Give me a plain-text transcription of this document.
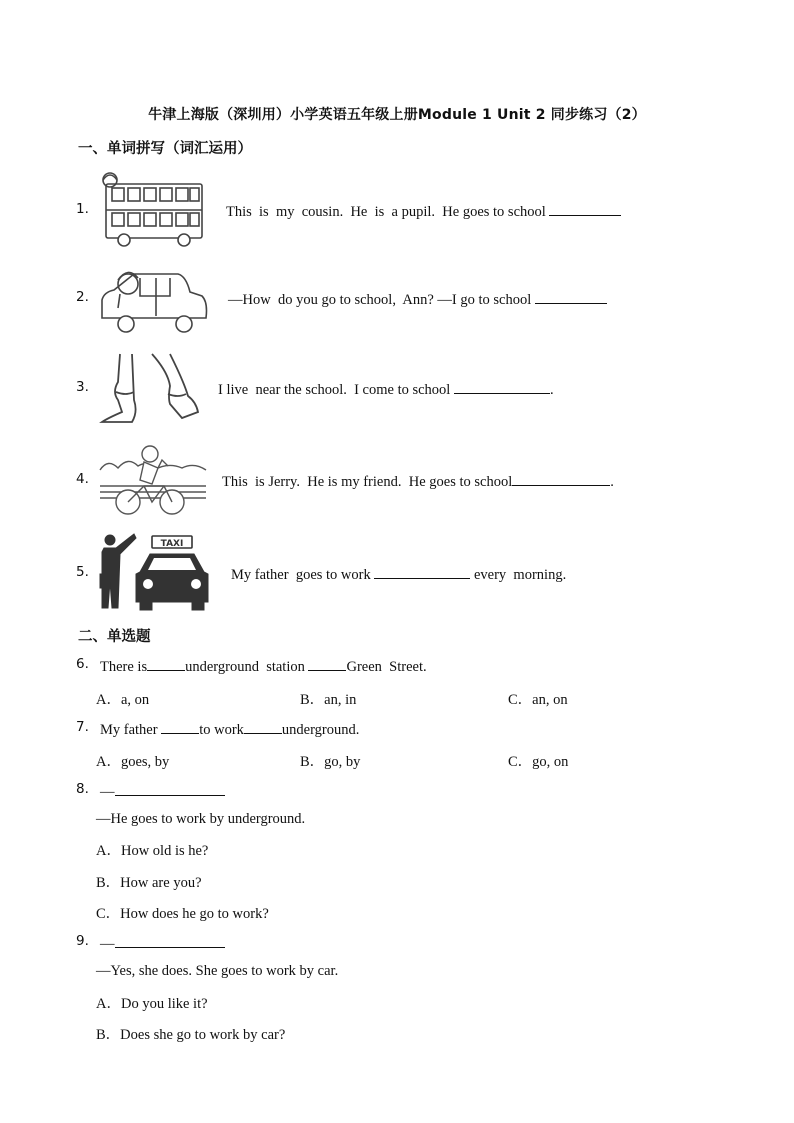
牛津上海版（深圳用）小学英语五年级上册Module 1 Unit 2 同步练习（2）
一、单词拼写（词汇运用）
1.	This  is  my  cousin.  He  is  a pupil.  He goes to school
2.	—How  do you go to school,  Ann? —I go to school
3.	I live  near the school.  I come to school	.
4.	This  is Jerry.  He is my friend.  He goes to school	.
5.
TAXI
My father  goes to work	every  morning.
二、单选题
6. There is	underground  station	Green  Street.
A．a, on	B．an, in	C．an, on
7. My father	to work	underground.
A．goes, by	B．go, by	C．go, on
8. —
—He goes to work by underground.
A．How old is he?
B．How are you?
C．How does he go to work?
9. —
—Yes, she does. She goes to work by car.
A．Do you like it?
B．Does she go to work by car?
